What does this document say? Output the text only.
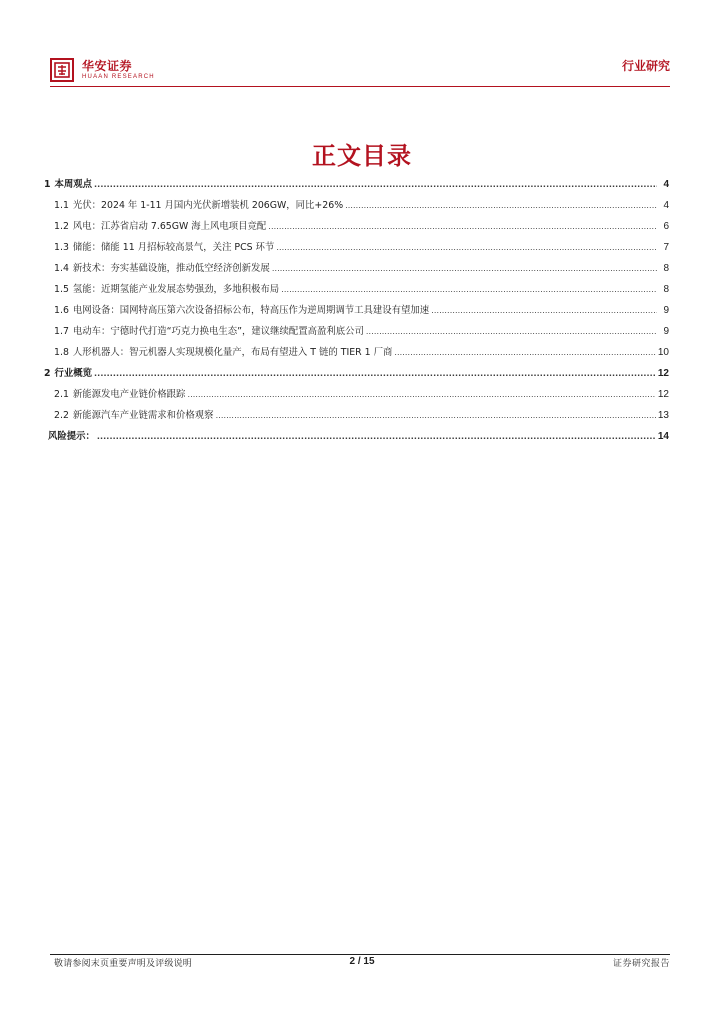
华安证券
HUAAN RESEARCH
行业研究
正文目录
1 本周观点 .....	4
1.1 光伏：2024 年 1-11 月国内光伏新增装机 206GW，同比+26% .....	4
1.2 风电：江苏省启动 7.65GW 海上风电项目竞配 .....	6
1.3 储能：储能 11 月招标较高景气，关注 PCS 环节 .....	7
1.4 新技术：夯实基础设施，推动低空经济创新发展 .....	8
1.5 氢能：近期氢能产业发展态势强劲，多地积极布局 .....	8
1.6 电网设备：国网特高压第六次设备招标公布，特高压作为逆周期调节工具建设有望加速 .....	9
1.7 电动车：宁德时代打造“巧克力换电生态”，建议继续配置高盈利底公司 .....	9
1.8 人形机器人：智元机器人实现规模化量产，布局有望进入 T 链的 TIER 1 厂商 .....	10
2 行业概览 .....	12
2.1 新能源发电产业链价格跟踪 .....	12
2.2 新能源汽车产业链需求和价格观察 .....	13
风险提示： .....	14
敬请参阅末页重要声明及评级说明	2 / 15	证券研究报告
